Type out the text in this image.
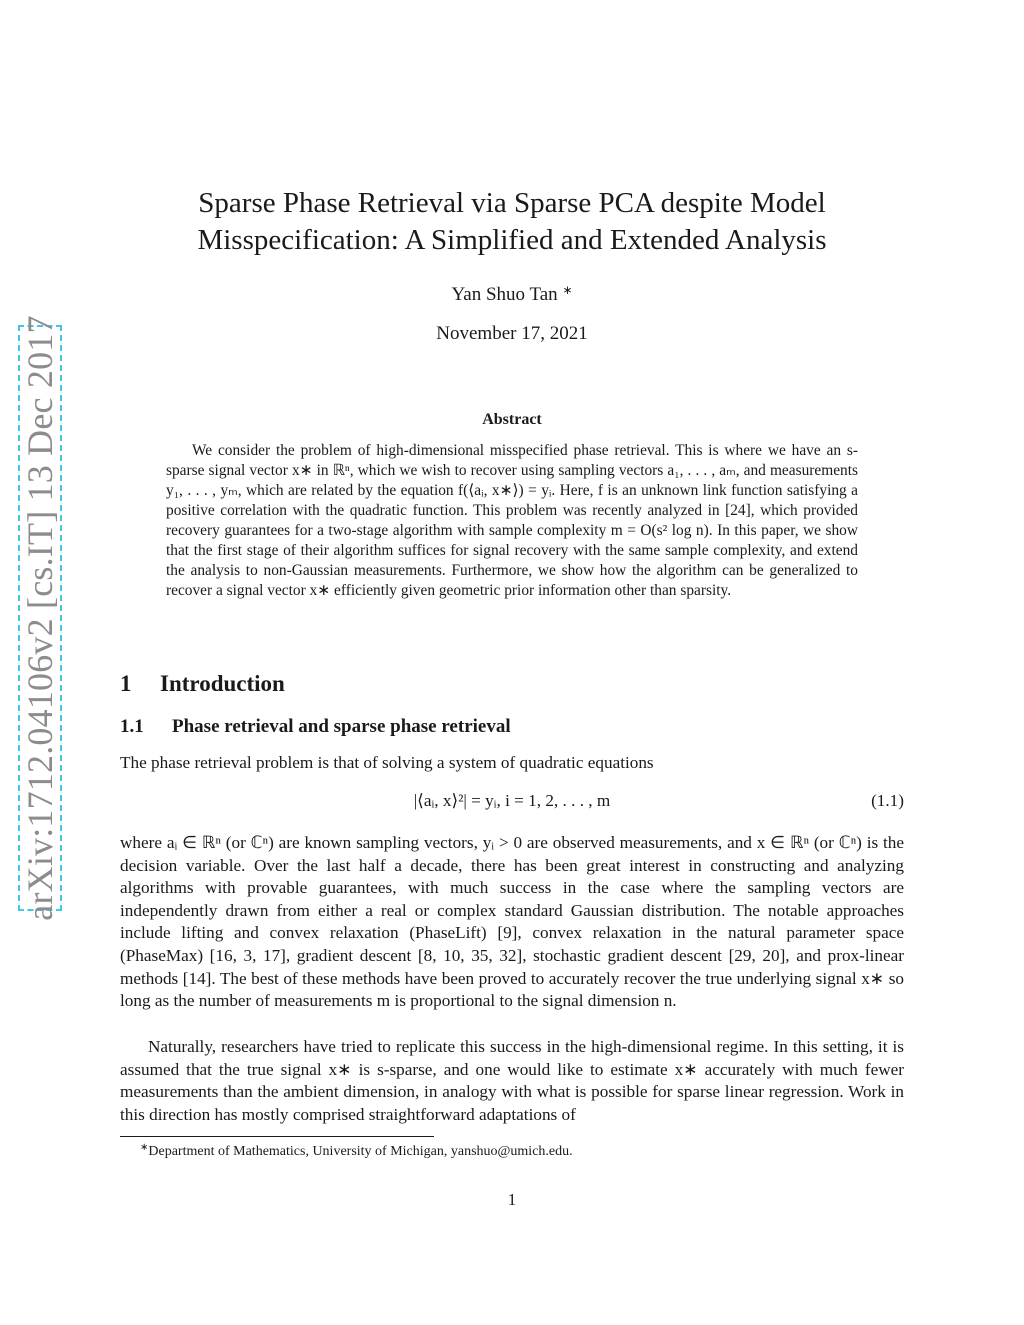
arXiv:1712.04106v2 [cs.IT] 13 Dec 2017
Sparse Phase Retrieval via Sparse PCA despite Model
Misspecification: A Simplified and Extended Analysis
Yan Shuo Tan ∗
November 17, 2021
Abstract

We consider the problem of high-dimensional misspecified phase retrieval. This is where we have an s-sparse signal vector x∗ in ℝⁿ, which we wish to recover using sampling vectors a₁, . . . , aₘ, and measurements y₁, . . . , yₘ, which are related by the equation f(⟨aᵢ, x∗⟩) = yᵢ. Here, f is an unknown link function satisfying a positive correlation with the quadratic function. This problem was recently analyzed in [24], which provided recovery guarantees for a two-stage algorithm with sample complexity m = O(s² log n). In this paper, we show that the first stage of their algorithm suffices for signal recovery with the same sample complexity, and extend the analysis to non-Gaussian measurements. Furthermore, we show how the algorithm can be generalized to recover a signal vector x∗ efficiently given geometric prior information other than sparsity.

1 Introduction
1.1 Phase retrieval and sparse phase retrieval

The phase retrieval problem is that of solving a system of quadratic equations

|⟨aᵢ, x⟩²| = yᵢ, i = 1, 2, . . . , m	(1.1)

where aᵢ ∈ ℝⁿ (or ℂⁿ) are known sampling vectors, yᵢ > 0 are observed measurements, and x ∈ ℝⁿ (or ℂⁿ) is the decision variable. Over the last half a decade, there has been great interest in constructing and analyzing algorithms with provable guarantees, with much success in the case where the sampling vectors are independently drawn from either a real or complex standard Gaussian distribution. The notable approaches include lifting and convex relaxation (PhaseLift) [9], convex relaxation in the natural parameter space (PhaseMax) [16, 3, 17], gradient descent [8, 10, 35, 32], stochastic gradient descent [29, 20], and prox-linear methods [14]. The best of these methods have been proved to accurately recover the true underlying signal x∗ so long as the number of measurements m is proportional to the signal dimension n.

Naturally, researchers have tried to replicate this success in the high-dimensional regime. In this setting, it is assumed that the true signal x∗ is s-sparse, and one would like to estimate x∗ accurately with much fewer measurements than the ambient dimension, in analogy with what is possible for sparse linear regression. Work in this direction has mostly comprised straightforward adaptations of

∗Department of Mathematics, University of Michigan, yanshuo@umich.edu.
1
